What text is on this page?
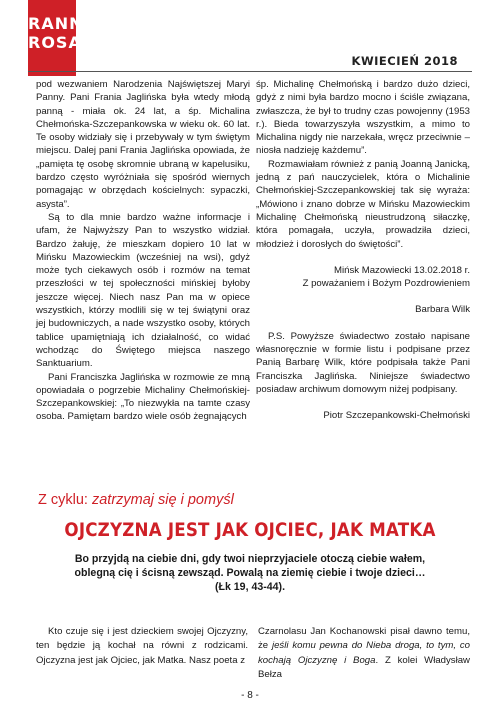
RANNA
ROSA
KWIECIEŃ 2018

pod wezwaniem Narodzenia Najświętszej Maryi Panny. Pani Frania Jaglińska była wtedy młodą panną - miała ok. 24 lat, a śp. Michalina Chełmońska-Szczepankowska w wieku ok. 60 lat. Te osoby widziały się i przebywały w tym świętym miejscu. Dalej pani Frania Jaglińska opowiada, że „pamięta tę osobę skromnie ubraną w kapelusiku, bardzo często wyróżniała się spośród wiernych pomagając w obrzędach kościelnych: sypaczki, asysta”.

Są to dla mnie bardzo ważne informacje i ufam, że Najwyższy Pan to wszystko widział. Bardzo żałuję, że mieszkam dopiero 10 lat w Mińsku Mazowieckim (wcześniej na wsi), gdyż może tych ciekawych osób i rozmów na temat przeszłości w tej społeczności mińskiej byłoby jeszcze więcej. Niech nasz Pan ma w opiece wszystkich, którzy modlili się w tej świątyni oraz jej budowniczych, a nade wszystko osoby, których tablice upamiętniają ich działalność, co widać wchodząc do Świętego miejsca naszego Sanktuarium.

Pani Franciszka Jaglińska w rozmowie ze mną opowiadała o pogrzebie Michaliny Chełmońskiej-Szczepankowskiej: „To niezwykła na tamte czasy osoba. Pamiętam bardzo wiele osób żegnających

śp. Michalinę Chełmońską i bardzo dużo dzieci, gdyż z nimi była bardzo mocno i ściśle związana, zwłaszcza, że był to trudny czas powojenny (1953 r.). Bieda towarzyszyła wszystkim, a mimo to Michalina nigdy nie narzekała, wręcz przeciwnie – niosła nadzieję każdemu”.

Rozmawiałam również z panią Joanną Janicką, jedną z pań nauczycielek, która o Michalinie Chełmońskiej-Szczepankowskiej tak się wyraża: „Mówiono i znano dobrze w Mińsku Mazowieckim Michalinę Chełmońską nieustrudzoną siłaczkę, która pomagała, uczyła, prowadziła dzieci, młodzież i dorosłych do świętości”.

Mińsk Mazowiecki 13.02.2018 r.

Z poważaniem i Bożym Pozdrowieniem

Barbara Wilk

P.S. Powyższe świadectwo zostało napisane własnoręcznie w formie listu i podpisane przez Panią Barbarę Wilk, które podpisała także Pani Franciszka Jaglińska. Niniejsze świadectwo posiadaw archiwum domowym niżej podpisany.

Piotr Szczepankowski-Chełmoński

Z cyklu: zatrzymaj się i pomyśl
OJCZYZNA JEST JAK OJCIEC, JAK MATKA
Bo przyjdą na ciebie dni, gdy twoi nieprzyjaciele otoczą ciebie wałem, oblegną cię i ścisną zewsząd. Powalą na ziemię ciebie i twoje dzieci…
(Łk 19, 43-44).
Kto czuje się i jest dzieckiem swojej Ojczyzny, ten będzie ją kochał na równi z rodzicami. Ojczyzna jest jak Ojciec, jak Matka. Nasz poeta z
Czarnolasu Jan Kochanowski pisał dawno temu, że jeśli komu pewna do Nieba droga, to tym, co kochają Ojczyznę i Boga. Z kolei Władysław Bełza
- 8 -
